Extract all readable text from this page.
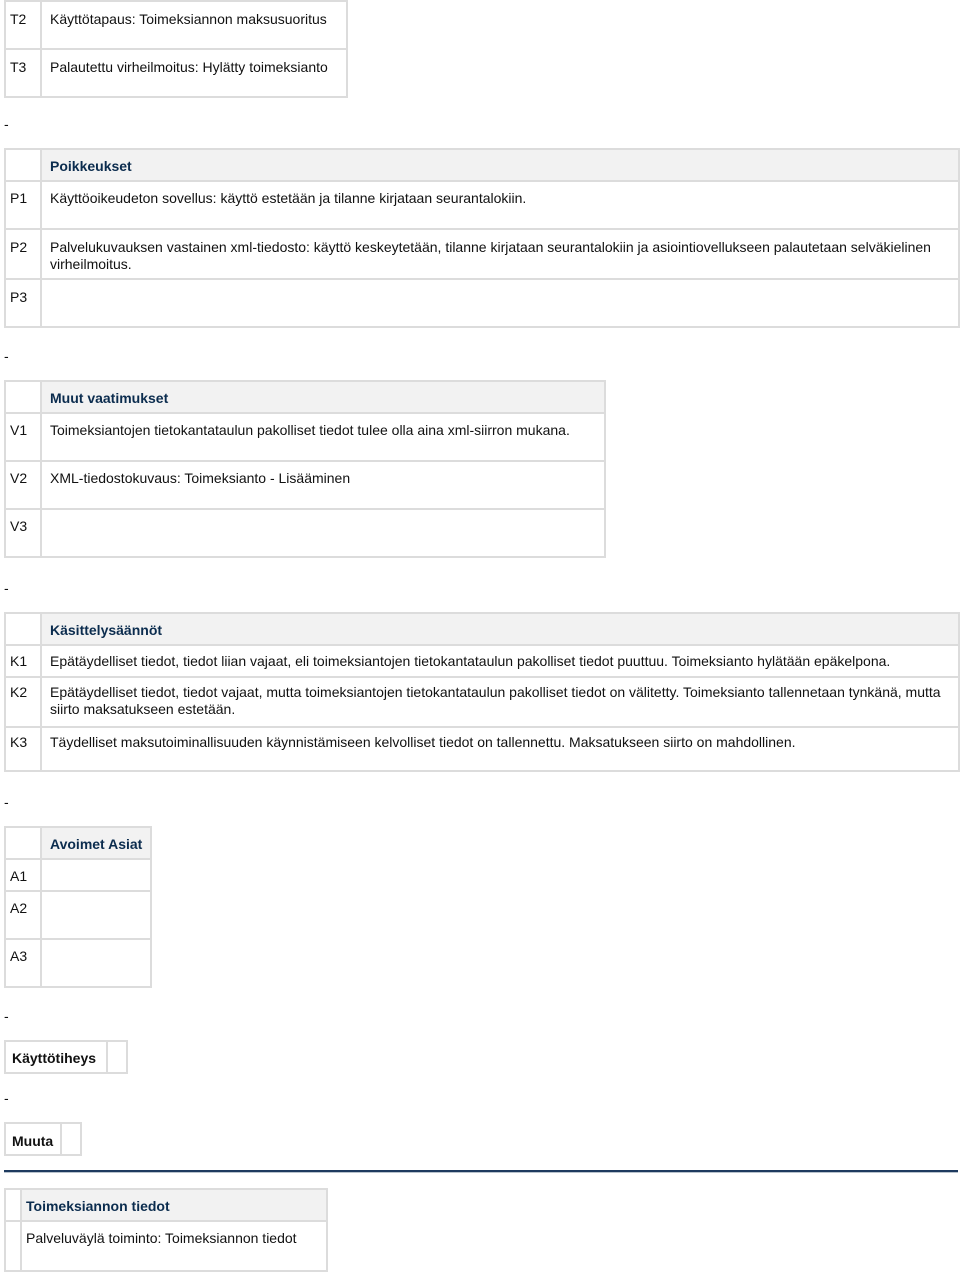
T2	Käyttötapaus: Toimeksiannon maksusuoritus
T3	Palautettu virheilmoitus: Hylätty toimeksianto
-
	Poikkeukset
P1	Käyttöoikeudeton sovellus: käyttö estetään ja tilanne kirjataan seurantalokiin.
P2	Palvelukuvauksen vastainen xml-tiedosto: käyttö keskeytetään, tilanne kirjataan seurantalokiin ja asiointiovellukseen palautetaan selväkielinen virheilmoitus.
P3	
-
	Muut vaatimukset
V1	Toimeksiantojen tietokantataulun pakolliset tiedot tulee olla aina xml-siirron mukana.
V2	XML-tiedostokuvaus: Toimeksianto - Lisääminen
V3	
-
	Käsittelysäännöt
K1	Epätäydelliset tiedot, tiedot liian vajaat, eli toimeksiantojen tietokantataulun pakolliset tiedot puuttuu. Toimeksianto hylätään epäkelpona.
K2	Epätäydelliset tiedot, tiedot vajaat, mutta toimeksiantojen tietokantataulun pakolliset tiedot on välitetty. Toimeksianto tallennetaan tynkänä, mutta siirto maksatukseen estetään.
K3	Täydelliset maksutoiminallisuuden käynnistämiseen kelvolliset tiedot on tallennettu. Maksatukseen siirto on mahdollinen.
-
	Avoimet Asiat
A1	
A2	
A3	
-
Käyttötiheys	
-
Muuta	
	Toimeksiannon tiedot
	Palveluväylä toiminto: Toimeksiannon tiedot
